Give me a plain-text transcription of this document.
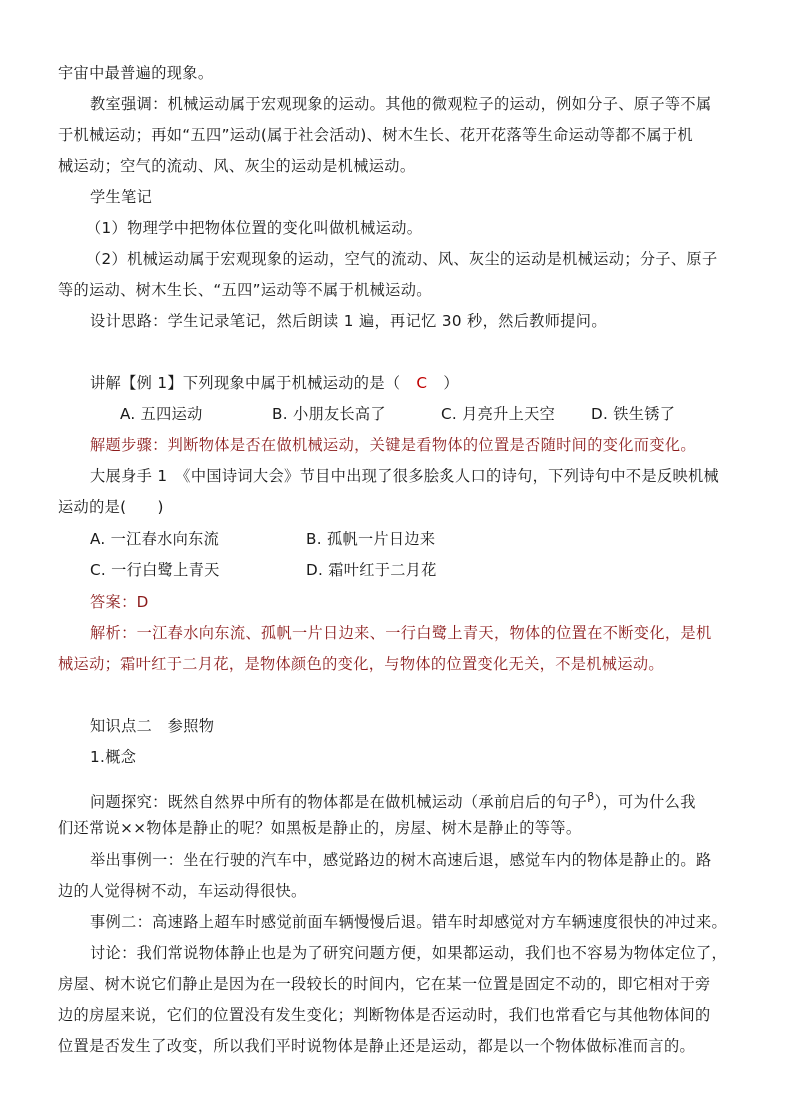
宇宙中最普遍的现象。
教室强调：机械运动属于宏观现象的运动。其他的微观粒子的运动，例如分子、原子等不属
于机械运动；再如“五四”运动(属于社会活动)、树木生长、花开花落等生命运动等都不属于机
械运动；空气的流动、风、灰尘的运动是机械运动。
学生笔记
（1）物理学中把物体位置的变化叫做机械运动。
（2）机械运动属于宏观现象的运动，空气的流动、风、灰尘的运动是机械运动；分子、原子
等的运动、树木生长、“五四”运动等不属于机械运动。
设计思路：学生记录笔记，然后朗读 1 遍，再记忆 30 秒，然后教师提问。
讲解【例 1】下列现象中属于机械运动的是（ C ）
A. 五四运动	B. 小朋友长高了	C. 月亮升上天空 D. 铁生锈了
解题步骤：判断物体是否在做机械运动，关键是看物体的位置是否随时间的变化而变化。
大展身手 1　《中国诗词大会》节目中出现了很多脍炙人口的诗句，下列诗句中不是反映机械
运动的是(　　)
A. 一江春水向东流	B. 孤帆一片日边来
C. 一行白鹭上青天	D. 霜叶红于二月花
答案：D
解析：一江春水向东流、孤帆一片日边来、一行白鹭上青天，物体的位置在不断变化，是机
械运动；霜叶红于二月花，是物体颜色的变化，与物体的位置变化无关，不是机械运动。
知识点二　参照物
1.概念
问题探究：既然自然界中所有的物体都是在做机械运动（承前启后的句子$^\beta$），可为什么我
们还常说××物体是静止的呢？如黑板是静止的，房屋、树木是静止的等等。
举出事例一：坐在行驶的汽车中，感觉路边的树木高速后退，感觉车内的物体是静止的。路
边的人觉得树不动，车运动得很快。
事例二：高速路上超车时感觉前面车辆慢慢后退。错车时却感觉对方车辆速度很快的冲过来。
讨论：我们常说物体静止也是为了研究问题方便，如果都运动，我们也不容易为物体定位了，
房屋、树木说它们静止是因为在一段较长的时间内，它在某一位置是固定不动的，即它相对于旁
边的房屋来说，它们的位置没有发生变化；判断物体是否运动时，我们也常看它与其他物体间的
位置是否发生了改变，所以我们平时说物体是静止还是运动，都是以一个物体做标准而言的。
